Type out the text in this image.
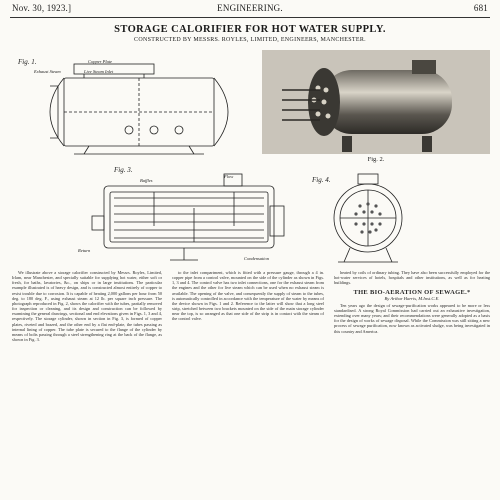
Nov. 30, 1923.]	ENGINEERING.	681
STORAGE CALORIFIER FOR HOT WATER SUPPLY.
CONSTRUCTED BY MESSRS. ROYLES, LIMITED, ENGINEERS, MANCHESTER.
Fig. 1.	Copper Plate
Exhaust Steam	Live Steam Inlet
Fig. 2.
Fig. 3.
Flow
Baffles
Return
Condensation
Fig. 4.

We illustrate above a storage calorifier constructed by Messrs. Royles, Limited, Irlam, near Manchester, and specially suitable for supplying hot water, either soft or fresh, for baths, lavatories, &c., on ships or in large institutions. The particular example illustrated is of heavy design, and is constructed almost entirely of copper to resist trouble due to corrosion. It is capable of heating 2,000 gallons per hour from 50 deg. to 180 deg. F., using exhaust steam at 12 lb. per square inch pressure. The photograph reproduced in Fig. 2, shows the calorifier with the tubes, partially removed for inspection or cleaning, and its design and construction can be followed by examining the general drawings, sectional and end elevations given in Figs. 1, 3 and 4, respectively. The storage cylinder, shown in section in Fig. 3, is formed of copper plates, riveted and brazed, and the other end by a flat end-plate, the tubes passing as internal lining of copper. The tube plate is secured to the flange of the cylinder by means of bolts passing through a steel strengthening ring at the back of the flange, as shown in Fig. 3.

to the inlet compartment, which is fitted with a pressure gauge, through a 4 in. copper pipe from a control valve, mounted on the side of the cylinder as shown in Figs. 1, 3 and 4. The control valve has two inlet connections, one for the exhaust steam from the engines and the other for live steam which can be used when no exhaust steam is available. The opening of the valve, and consequently the supply of steam to the tubes, is automatically controlled in accordance with the temperature of the water by means of the device shown in Figs. 1 and 2. Reference to the latter will show that a long steel strip, stretched between two brackets mounted on the side of the main storage cylinder near the top, is so arranged as that one side of the strip is in contact with the steam of the control valve.

heated by coils of ordinary tubing. They have also been successfully employed for the hot-water services of hotels, hospitals and other institutions, as well as for heating buildings.

THE BIO-AERATION OF SEWAGE.*
By Arthur Harris, M.Inst.C.E.

Ten years ago the design of sewage-purification works appeared to be more or less standardised. A strong Royal Commission had carried out an exhaustive investigation, extending over many years; and their recommendations were generally adopted as a basis for the design of works of sewage disposal. While the Commission was still sitting a new process of sewage purification, now known as activated sludge, was being investigated in this country and America.
